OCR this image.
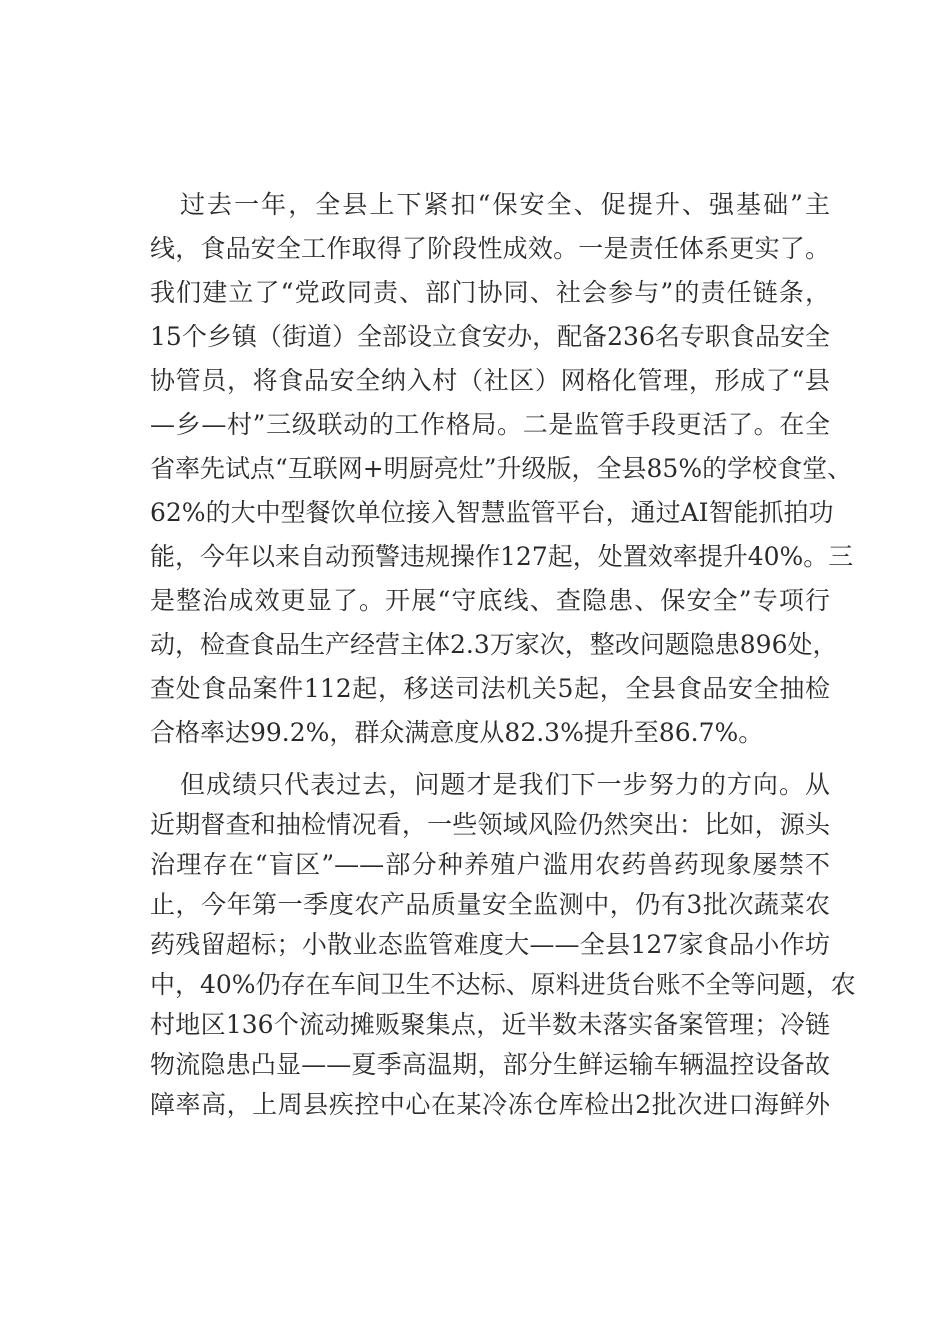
过去一年，全县上下紧扣“保安全、促提升、强基础”主
线，食品安全工作取得了阶段性成效。一是责任体系更实了。
我们建立了“党政同责、部门协同、社会参与”的责任链条，
15个乡镇（街道）全部设立食安办，配备236名专职食品安全
协管员，将食品安全纳入村（社区）网格化管理，形成了“县
—乡—村”三级联动的工作格局。二是监管手段更活了。在全
省率先试点“互联网+明厨亮灶”升级版，全县85%的学校食堂、
62%的大中型餐饮单位接入智慧监管平台，通过AI智能抓拍功
能，今年以来自动预警违规操作127起，处置效率提升40%。三
是整治成效更显了。开展“守底线、查隐患、保安全”专项行
动，检查食品生产经营主体2.3万家次，整改问题隐患896处，
查处食品案件112起，移送司法机关5起，全县食品安全抽检
合格率达99.2%，群众满意度从82.3%提升至86.7%。
但成绩只代表过去，问题才是我们下一步努力的方向。从
近期督查和抽检情况看，一些领域风险仍然突出：比如，源头
治理存在“盲区”——部分种养殖户滥用农药兽药现象屡禁不
止，今年第一季度农产品质量安全监测中，仍有3批次蔬菜农
药残留超标；小散业态监管难度大——全县127家食品小作坊
中，40%仍存在车间卫生不达标、原料进货台账不全等问题，农
村地区136个流动摊贩聚集点，近半数未落实备案管理；冷链
物流隐患凸显——夏季高温期，部分生鲜运输车辆温控设备故
障率高，上周县疾控中心在某冷冻仓库检出2批次进口海鲜外
